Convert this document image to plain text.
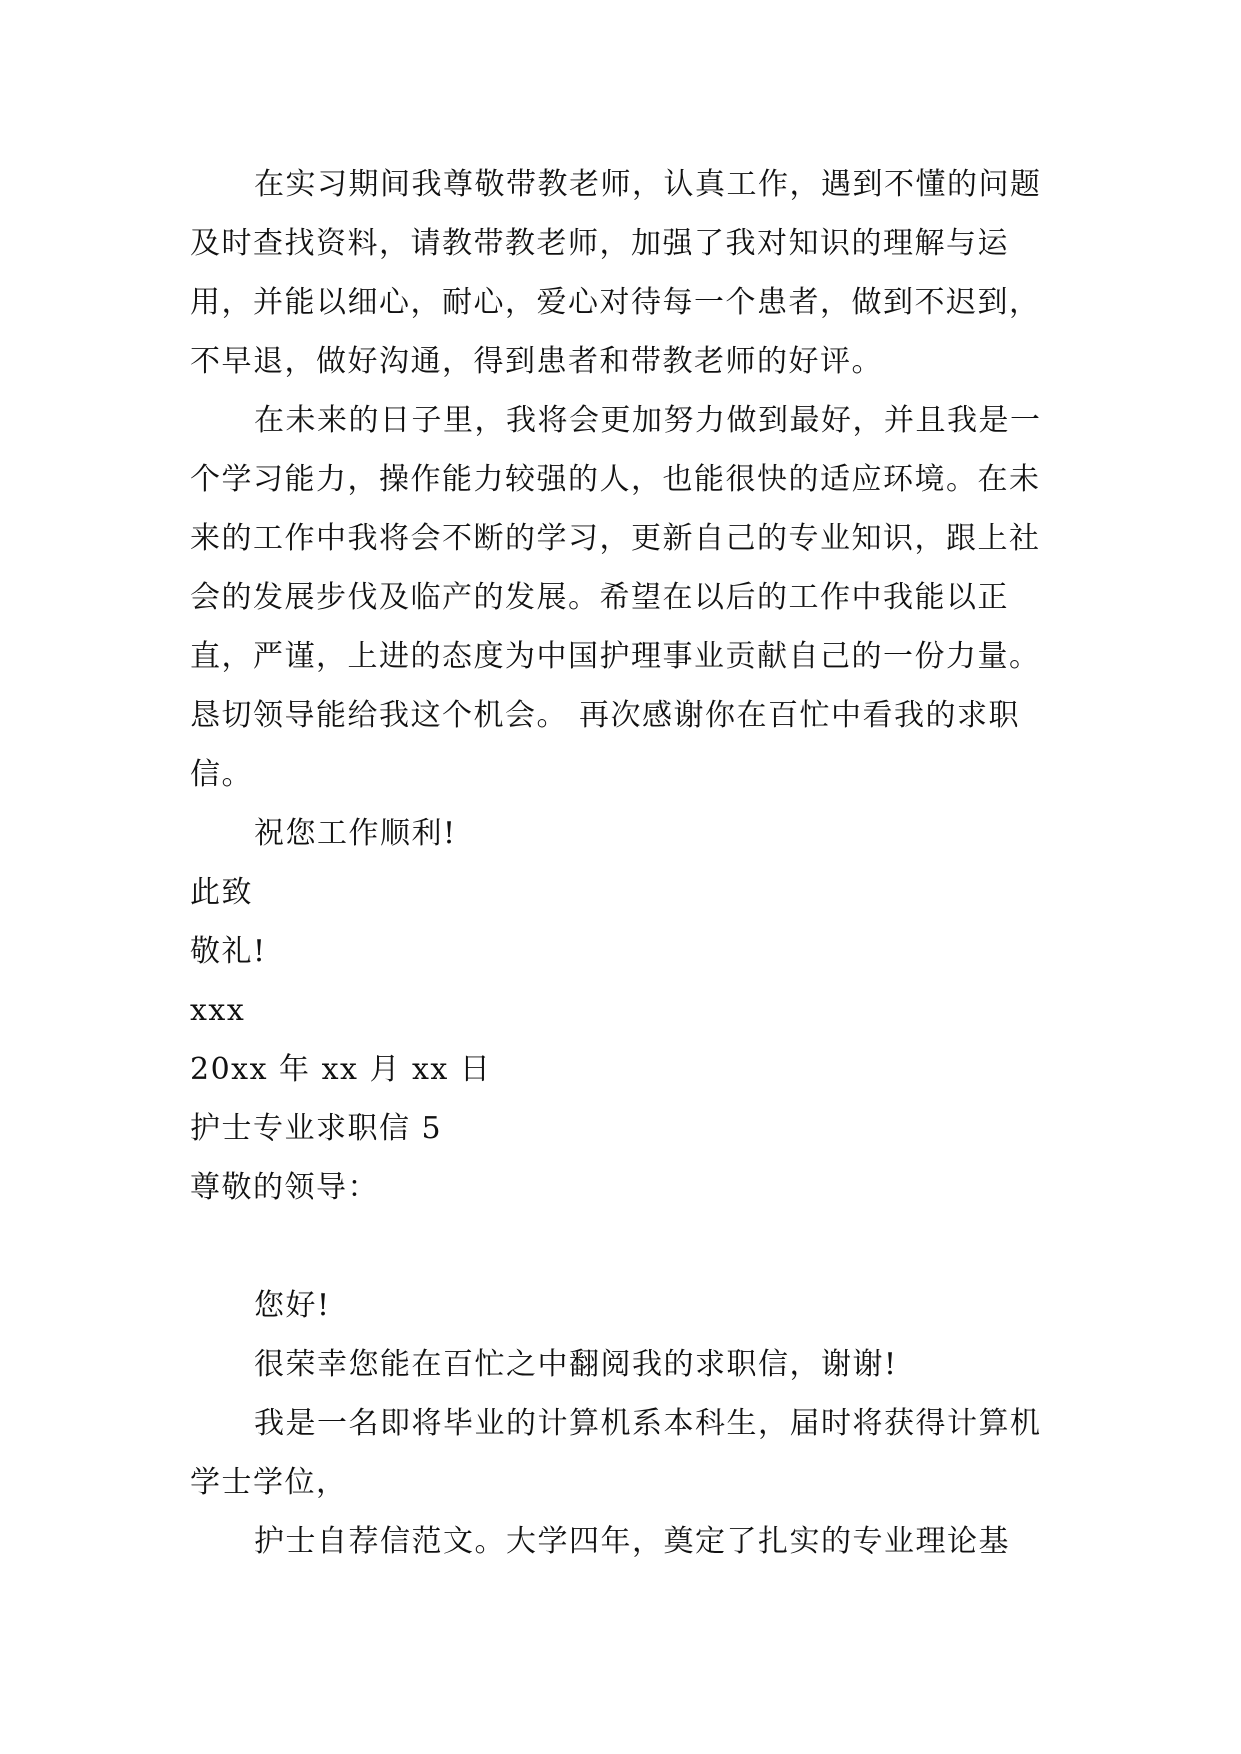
在实习期间我尊敬带教老师，认真工作，遇到不懂的问题及时查找资料，请教带教老师，加强了我对知识的理解与运用，并能以细心，耐心，爱心对待每一个患者，做到不迟到，不早退，做好沟通，得到患者和带教老师的好评。

在未来的日子里，我将会更加努力做到最好，并且我是一个学习能力，操作能力较强的人，也能很快的适应环境。在未来的工作中我将会不断的学习，更新自己的专业知识，跟上社会的发展步伐及临产的发展。希望在以后的工作中我能以正直，严谨，上进的态度为中国护理事业贡献自己的一份力量。恳切领导能给我这个机会。 再次感谢你在百忙中看我的求职信。

祝您工作顺利!

此致

敬礼!

xxx

20xx 年 xx 月 xx 日

护士专业求职信 5

尊敬的领导：

您好!

很荣幸您能在百忙之中翻阅我的求职信，谢谢!

我是一名即将毕业的计算机系本科生，届时将获得计算机学士学位，

护士自荐信范文。大学四年，奠定了扎实的专业理论基
